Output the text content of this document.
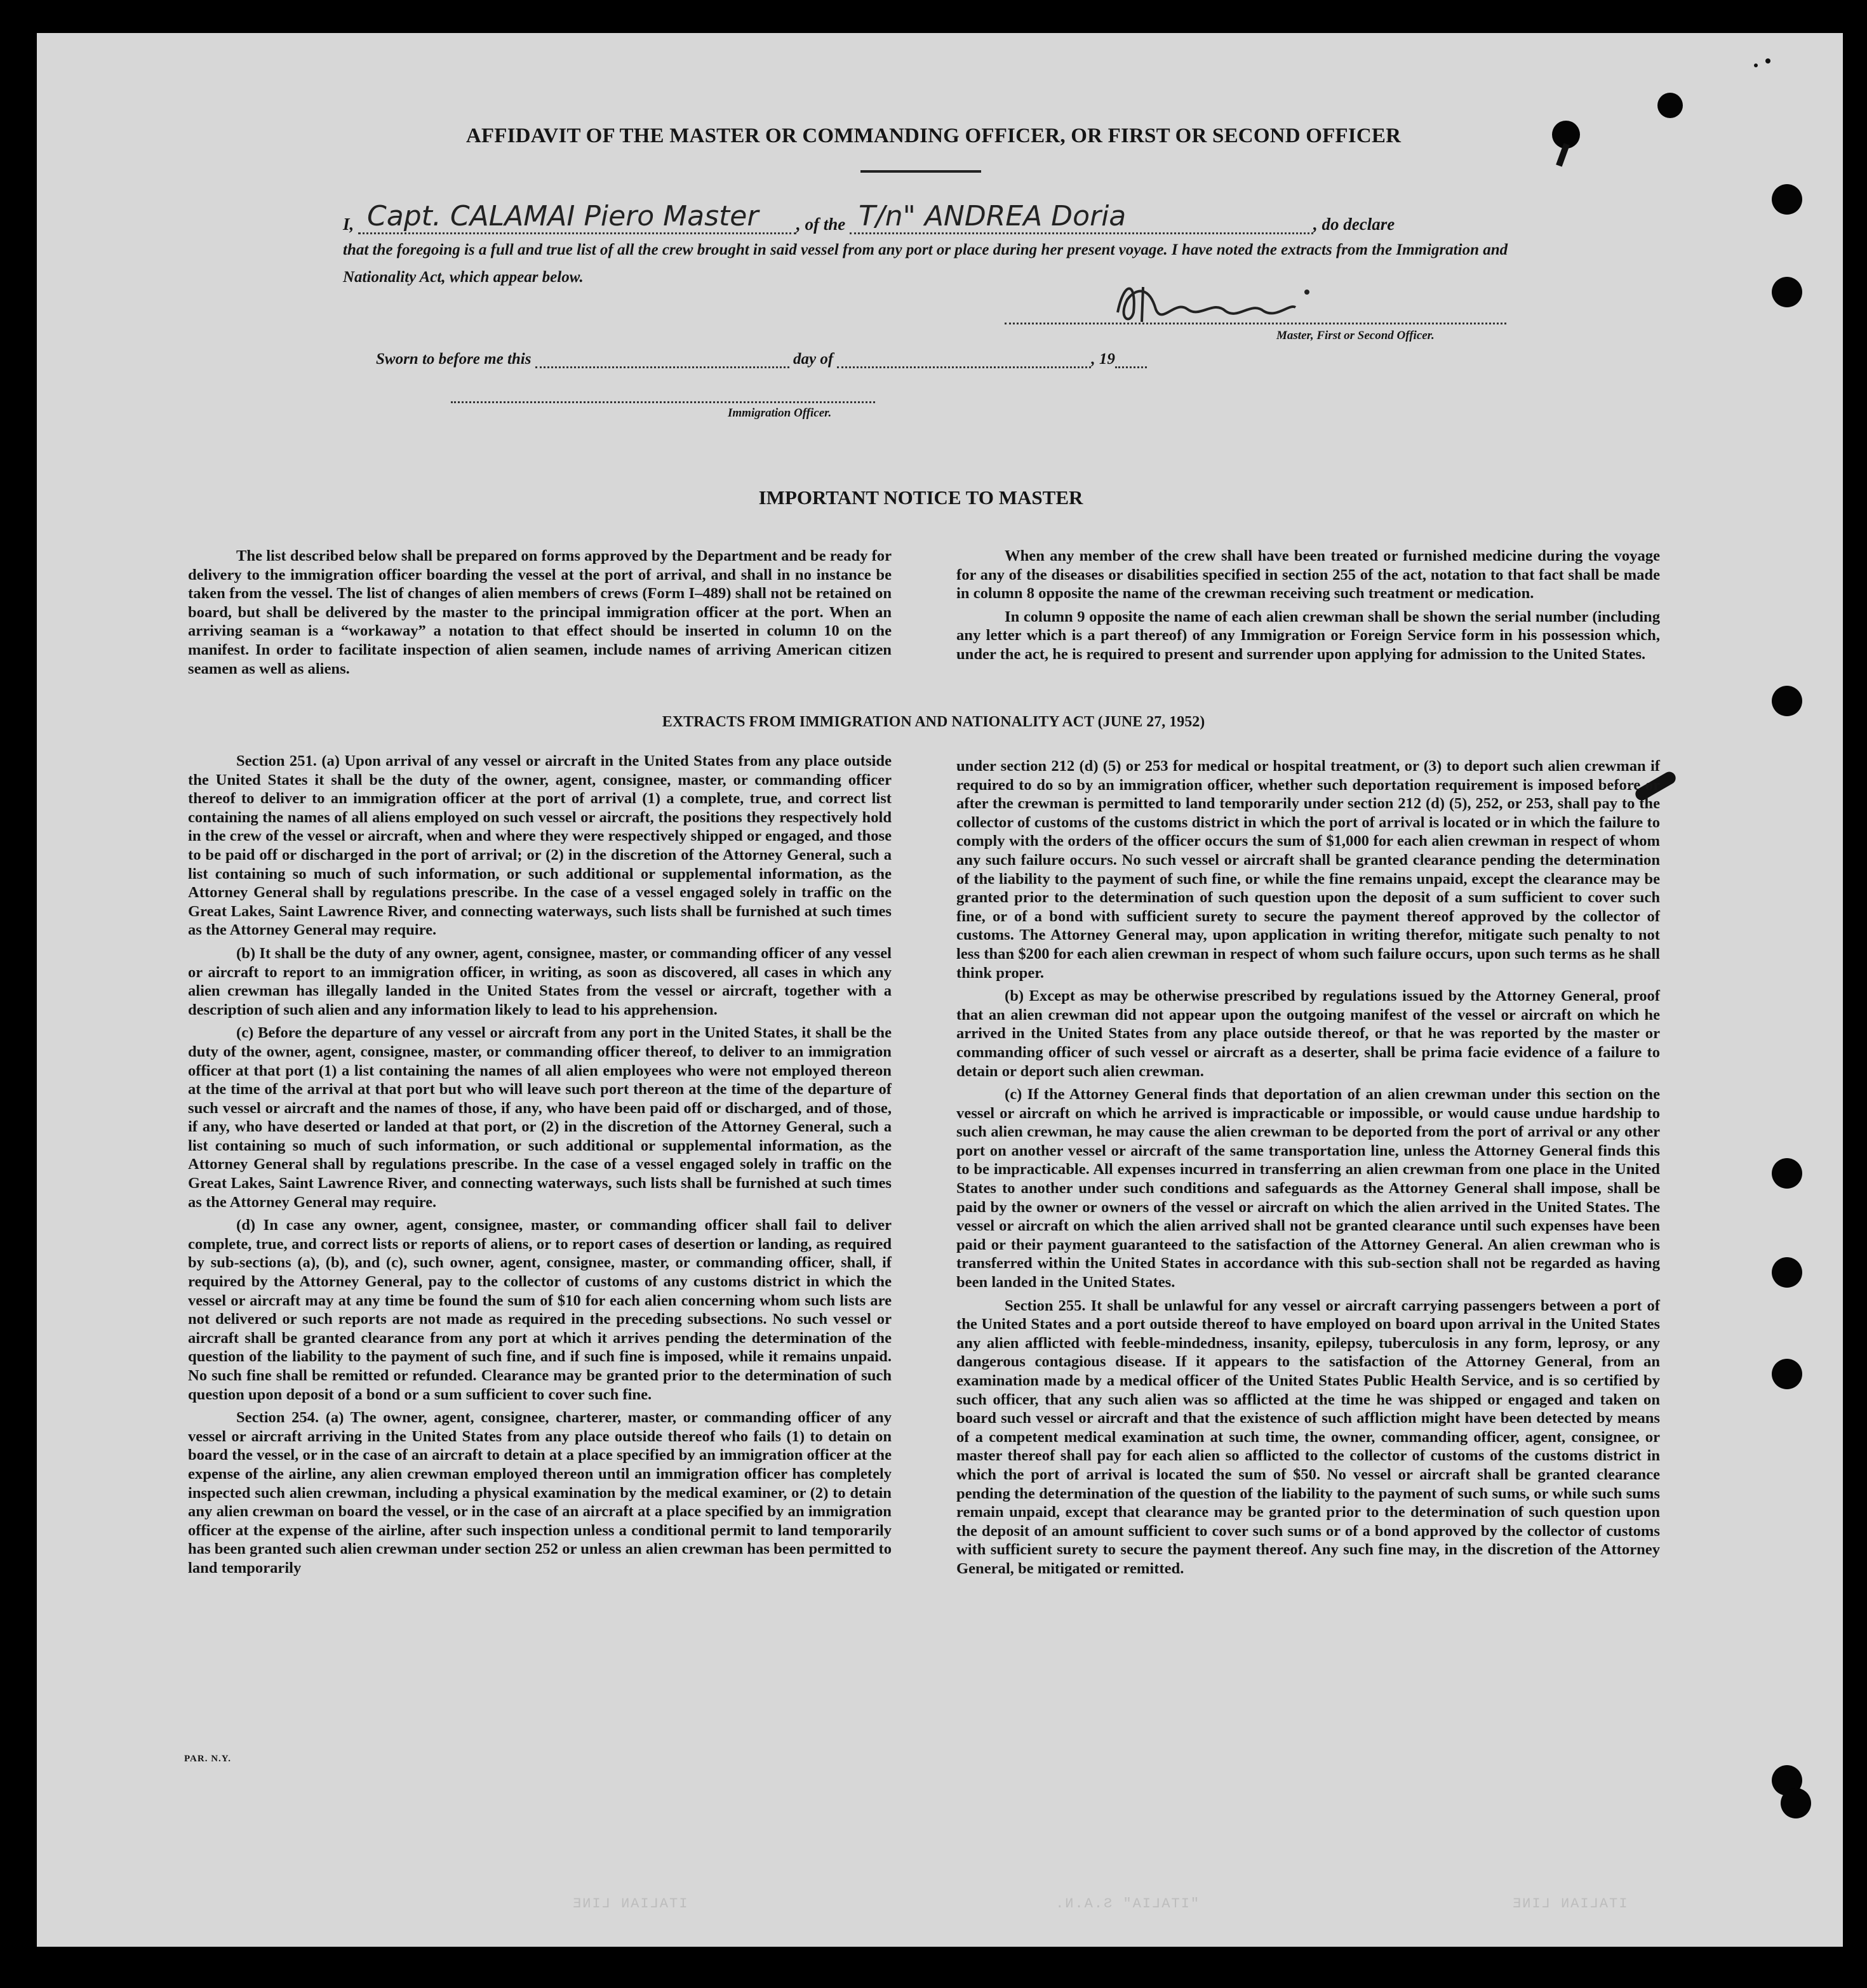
AFFIDAVIT OF THE MASTER OR COMMANDING OFFICER, OR FIRST OR SECOND OFFICER
I, Capt. CALAMAI Piero Master , of the T/n" ANDREA Doria	, do declare
that the foregoing is a full and true list of all the crew brought in said vessel from any port or place during her present voyage. I have noted the extracts from the Immigration and Nationality Act, which appear below.
Master, First or Second Officer.
Sworn to before me this	day of	, 19
Immigration Officer.
IMPORTANT NOTICE TO MASTER

The list described below shall be prepared on forms approved by the Department and be ready for delivery to the immigration officer boarding the vessel at the port of arrival, and shall in no instance be taken from the vessel. The list of changes of alien members of crews (Form I–489) shall not be retained on board, but shall be delivered by the master to the principal immigration officer at the port. When an arriving seaman is a “workaway” a notation to that effect should be inserted in column 10 on the manifest. In order to facilitate inspection of alien seamen, include names of arriving American citizen seamen as well as aliens.

When any member of the crew shall have been treated or furnished medicine during the voyage for any of the diseases or disabilities specified in section 255 of the act, notation to that fact shall be made in column 8 opposite the name of the crewman receiving such treatment or medication.

In column 9 opposite the name of each alien crewman shall be shown the serial number (including any letter which is a part thereof) of any Immigration or Foreign Service form in his possession which, under the act, he is required to present and surrender upon applying for admission to the United States.

EXTRACTS FROM IMMIGRATION AND NATIONALITY ACT (JUNE 27, 1952)

Section 251. (a) Upon arrival of any vessel or aircraft in the United States from any place outside the United States it shall be the duty of the owner, agent, consignee, master, or commanding officer thereof to deliver to an immigration officer at the port of arrival (1) a complete, true, and correct list containing the names of all aliens employed on such vessel or aircraft, the positions they respectively hold in the crew of the vessel or aircraft, when and where they were respectively shipped or engaged, and those to be paid off or discharged in the port of arrival; or (2) in the discretion of the Attorney General, such a list containing so much of such information, or such additional or supplemental information, as the Attorney General shall by regulations prescribe. In the case of a vessel engaged solely in traffic on the Great Lakes, Saint Lawrence River, and connecting waterways, such lists shall be furnished at such times as the Attorney General may require.

(b) It shall be the duty of any owner, agent, consignee, master, or commanding officer of any vessel or aircraft to report to an immigration officer, in writing, as soon as discovered, all cases in which any alien crewman has illegally landed in the United States from the vessel or aircraft, together with a description of such alien and any information likely to lead to his apprehension.

(c) Before the departure of any vessel or aircraft from any port in the United States, it shall be the duty of the owner, agent, consignee, master, or commanding officer thereof, to deliver to an immigration officer at that port (1) a list containing the names of all alien employees who were not employed thereon at the time of the arrival at that port but who will leave such port thereon at the time of the departure of such vessel or aircraft and the names of those, if any, who have been paid off or discharged, and of those, if any, who have deserted or landed at that port, or (2) in the discretion of the Attorney General, such a list containing so much of such information, or such additional or supplemental information, as the Attorney General shall by regulations prescribe. In the case of a vessel engaged solely in traffic on the Great Lakes, Saint Lawrence River, and connecting waterways, such lists shall be furnished at such times as the Attorney General may require.

(d) In case any owner, agent, consignee, master, or commanding officer shall fail to deliver complete, true, and correct lists or reports of aliens, or to report cases of desertion or landing, as required by sub-sections (a), (b), and (c), such owner, agent, consignee, master, or commanding officer, shall, if required by the Attorney General, pay to the collector of customs of any customs district in which the vessel or aircraft may at any time be found the sum of $10 for each alien concerning whom such lists are not delivered or such reports are not made as required in the preceding subsections. No such vessel or aircraft shall be granted clearance from any port at which it arrives pending the determination of the question of the liability to the payment of such fine, and if such fine is imposed, while it remains unpaid. No such fine shall be remitted or refunded. Clearance may be granted prior to the determination of such question upon deposit of a bond or a sum sufficient to cover such fine.

Section 254. (a) The owner, agent, consignee, charterer, master, or commanding officer of any vessel or aircraft arriving in the United States from any place outside thereof who fails (1) to detain on board the vessel, or in the case of an aircraft to detain at a place specified by an immigration officer at the expense of the airline, any alien crewman employed thereon until an immigration officer has completely inspected such alien crewman, including a physical examination by the medical examiner, or (2) to detain any alien crewman on board the vessel, or in the case of an aircraft at a place specified by an immigration officer at the expense of the airline, after such inspection unless a conditional permit to land temporarily has been granted such alien crewman under section 252 or unless an alien crewman has been permitted to land temporarily

under section 212 (d) (5) or 253 for medical or hospital treatment, or (3) to deport such alien crewman if required to do so by an immigration officer, whether such deportation requirement is imposed before or after the crewman is permitted to land temporarily under section 212 (d) (5), 252, or 253, shall pay to the collector of customs of the customs district in which the port of arrival is located or in which the failure to comply with the orders of the officer occurs the sum of $1,000 for each alien crewman in respect of whom any such failure occurs. No such vessel or aircraft shall be granted clearance pending the determination of the liability to the payment of such fine, or while the fine remains unpaid, except the clearance may be granted prior to the determination of such question upon the deposit of a sum sufficient to cover such fine, or of a bond with sufficient surety to secure the payment thereof approved by the collector of customs. The Attorney General may, upon application in writing therefor, mitigate such penalty to not less than $200 for each alien crewman in respect of whom such failure occurs, upon such terms as he shall think proper.

(b) Except as may be otherwise prescribed by regulations issued by the Attorney General, proof that an alien crewman did not appear upon the outgoing manifest of the vessel or aircraft on which he arrived in the United States from any place outside thereof, or that he was reported by the master or commanding officer of such vessel or aircraft as a deserter, shall be prima facie evidence of a failure to detain or deport such alien crewman.

(c) If the Attorney General finds that deportation of an alien crewman under this section on the vessel or aircraft on which he arrived is impracticable or impossible, or would cause undue hardship to such alien crewman, he may cause the alien crewman to be deported from the port of arrival or any other port on another vessel or aircraft of the same transportation line, unless the Attorney General finds this to be impracticable. All expenses incurred in transferring an alien crewman from one place in the United States to another under such conditions and safeguards as the Attorney General shall impose, shall be paid by the owner or owners of the vessel or aircraft on which the alien arrived in the United States. The vessel or aircraft on which the alien arrived shall not be granted clearance until such expenses have been paid or their payment guaranteed to the satisfaction of the Attorney General. An alien crewman who is transferred within the United States in accordance with this sub-section shall not be regarded as having been landed in the United States.

Section 255. It shall be unlawful for any vessel or aircraft carrying passengers between a port of the United States and a port outside thereof to have employed on board upon arrival in the United States any alien afflicted with feeble-mindedness, insanity, epilepsy, tuberculosis in any form, leprosy, or any dangerous contagious disease. If it appears to the satisfaction of the Attorney General, from an examination made by a medical officer of the United States Public Health Service, and is so certified by such officer, that any such alien was so afflicted at the time he was shipped or engaged and taken on board such vessel or aircraft and that the existence of such affliction might have been detected by means of a competent medical examination at such time, the owner, commanding officer, agent, consignee, or master thereof shall pay for each alien so afflicted to the collector of customs of the customs district in which the port of arrival is located the sum of $50. No vessel or aircraft shall be granted clearance pending the determination of the question of the liability to the payment of such sums, or while such sums remain unpaid, except that clearance may be granted prior to the determination of such question upon the deposit of an amount sufficient to cover such sums or of a bond approved by the collector of customs with sufficient surety to secure the payment thereof. Any such fine may, in the discretion of the Attorney General, be mitigated or remitted.

PAR. N.Y.
ITALIAN LINE	"ITALIA" S.A.N.	ITALIAN LINE
